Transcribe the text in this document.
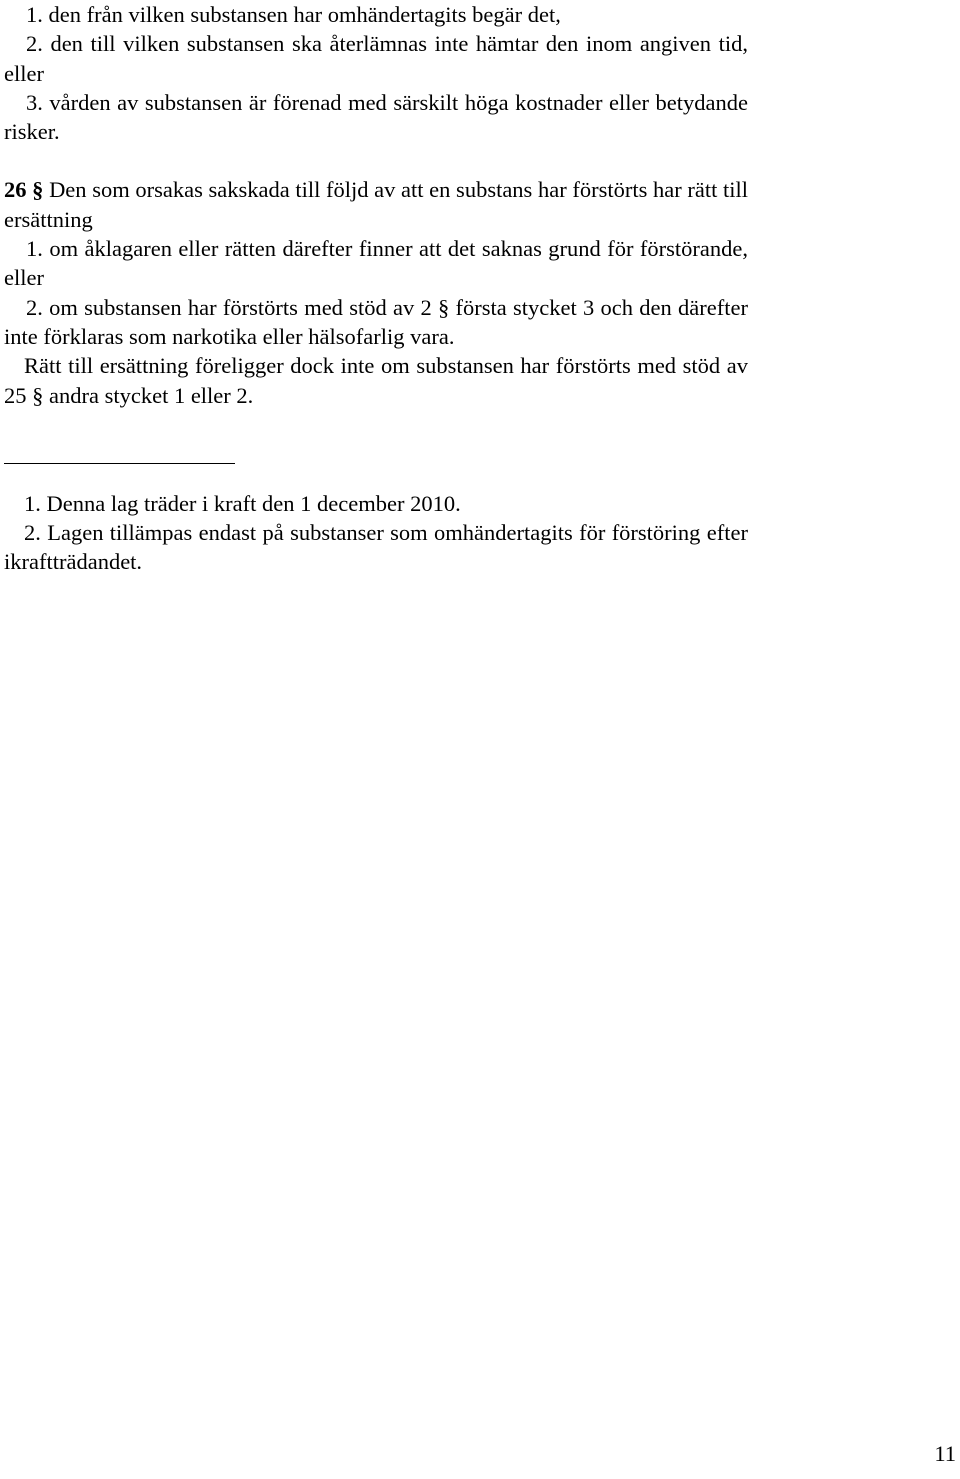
1. den från vilken substansen har omhändertagits begär det,

2. den till vilken substansen ska återlämnas inte hämtar den inom angiven tid, eller

3. vården av substansen är förenad med särskilt höga kostnader eller betydande risker.

26 § Den som orsakas sakskada till följd av att en substans har förstörts har rätt till ersättning

1. om åklagaren eller rätten därefter finner att det saknas grund för förstörande, eller

2. om substansen har förstörts med stöd av 2 § första stycket 3 och den därefter inte förklaras som narkotika eller hälsofarlig vara.

Rätt till ersättning föreligger dock inte om substansen har förstörts med stöd av 25 § andra stycket 1 eller 2.

1. Denna lag träder i kraft den 1 december 2010.

2. Lagen tillämpas endast på substanser som omhändertagits för förstöring efter ikraftträdandet.

11
